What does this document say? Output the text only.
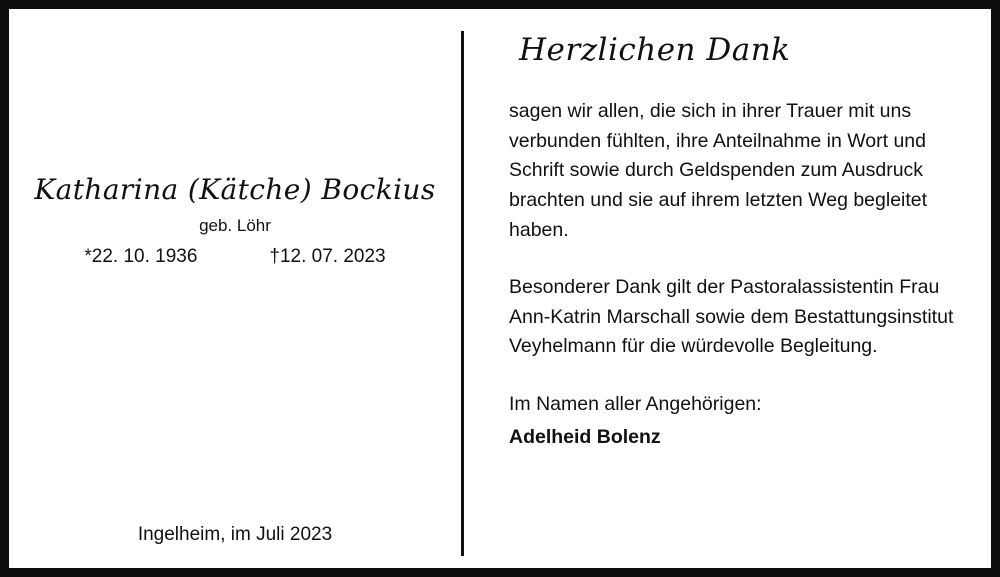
Katharina (Kätche) Bockius
geb. Löhr
*22. 10. 1936	†12. 07. 2023
Ingelheim, im Juli 2023
Herzlichen Dank

sagen wir allen, die sich in ihrer Trauer mit uns verbunden fühlten, ihre Anteilnahme in Wort und Schrift sowie durch Geldspenden zum Ausdruck brachten und sie auf ihrem letzten Weg begleitet haben.

Besonderer Dank gilt der Pastoralassistentin Frau Ann-Katrin Marschall sowie dem Bestattungsinstitut Veyhelmann für die würdevolle Begleitung.

Im Namen aller Angehörigen:

Adelheid Bolenz
